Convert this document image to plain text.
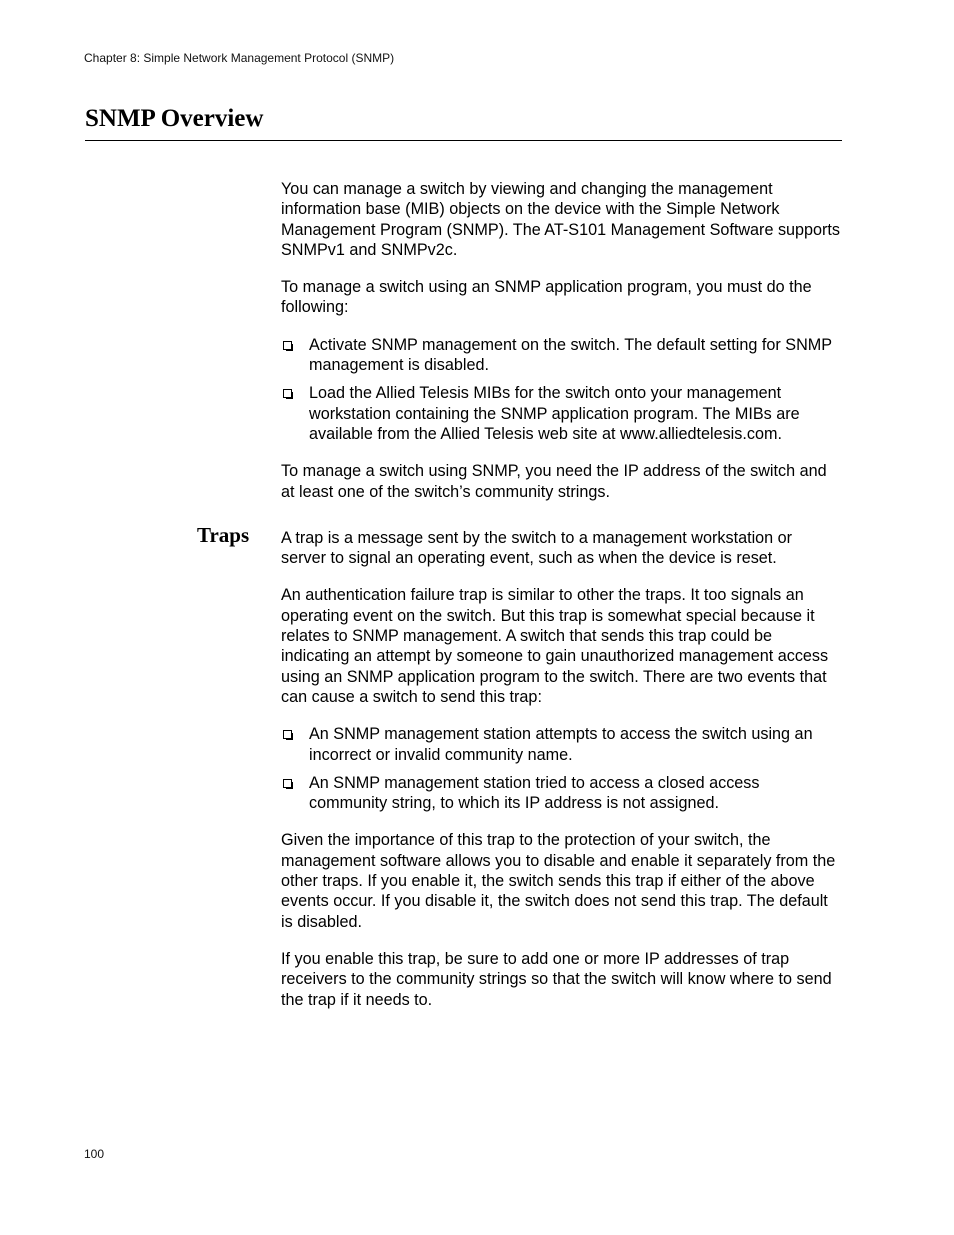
Chapter 8: Simple Network Management Protocol (SNMP)
SNMP Overview

You can manage a switch by viewing and changing the management information base (MIB) objects on the device with the Simple Network Management Program (SNMP). The AT-S101 Management Software supports SNMPv1 and SNMPv2c.

To manage a switch using an SNMP application program, you must do the following:

Activate SNMP management on the switch. The default setting for SNMP management is disabled.
Load the Allied Telesis MIBs for the switch onto your management workstation containing the SNMP application program. The MIBs are available from the Allied Telesis web site at www.alliedtelesis.com.

To manage a switch using SNMP, you need the IP address of the switch and at least one of the switch’s community strings.

Traps A trap is a message sent by the switch to a management workstation or server to signal an operating event, such as when the device is reset.

An authentication failure trap is similar to other the traps. It too signals an operating event on the switch. But this trap is somewhat special because it relates to SNMP management. A switch that sends this trap could be indicating an attempt by someone to gain unauthorized management access using an SNMP application program to the switch. There are two events that can cause a switch to send this trap:

An SNMP management station attempts to access the switch using an incorrect or invalid community name.
An SNMP management station tried to access a closed access community string, to which its IP address is not assigned.

Given the importance of this trap to the protection of your switch, the management software allows you to disable and enable it separately from the other traps. If you enable it, the switch sends this trap if either of the above events occur. If you disable it, the switch does not send this trap. The default is disabled.

If you enable this trap, be sure to add one or more IP addresses of trap receivers to the community strings so that the switch will know where to send the trap if it needs to.

100
